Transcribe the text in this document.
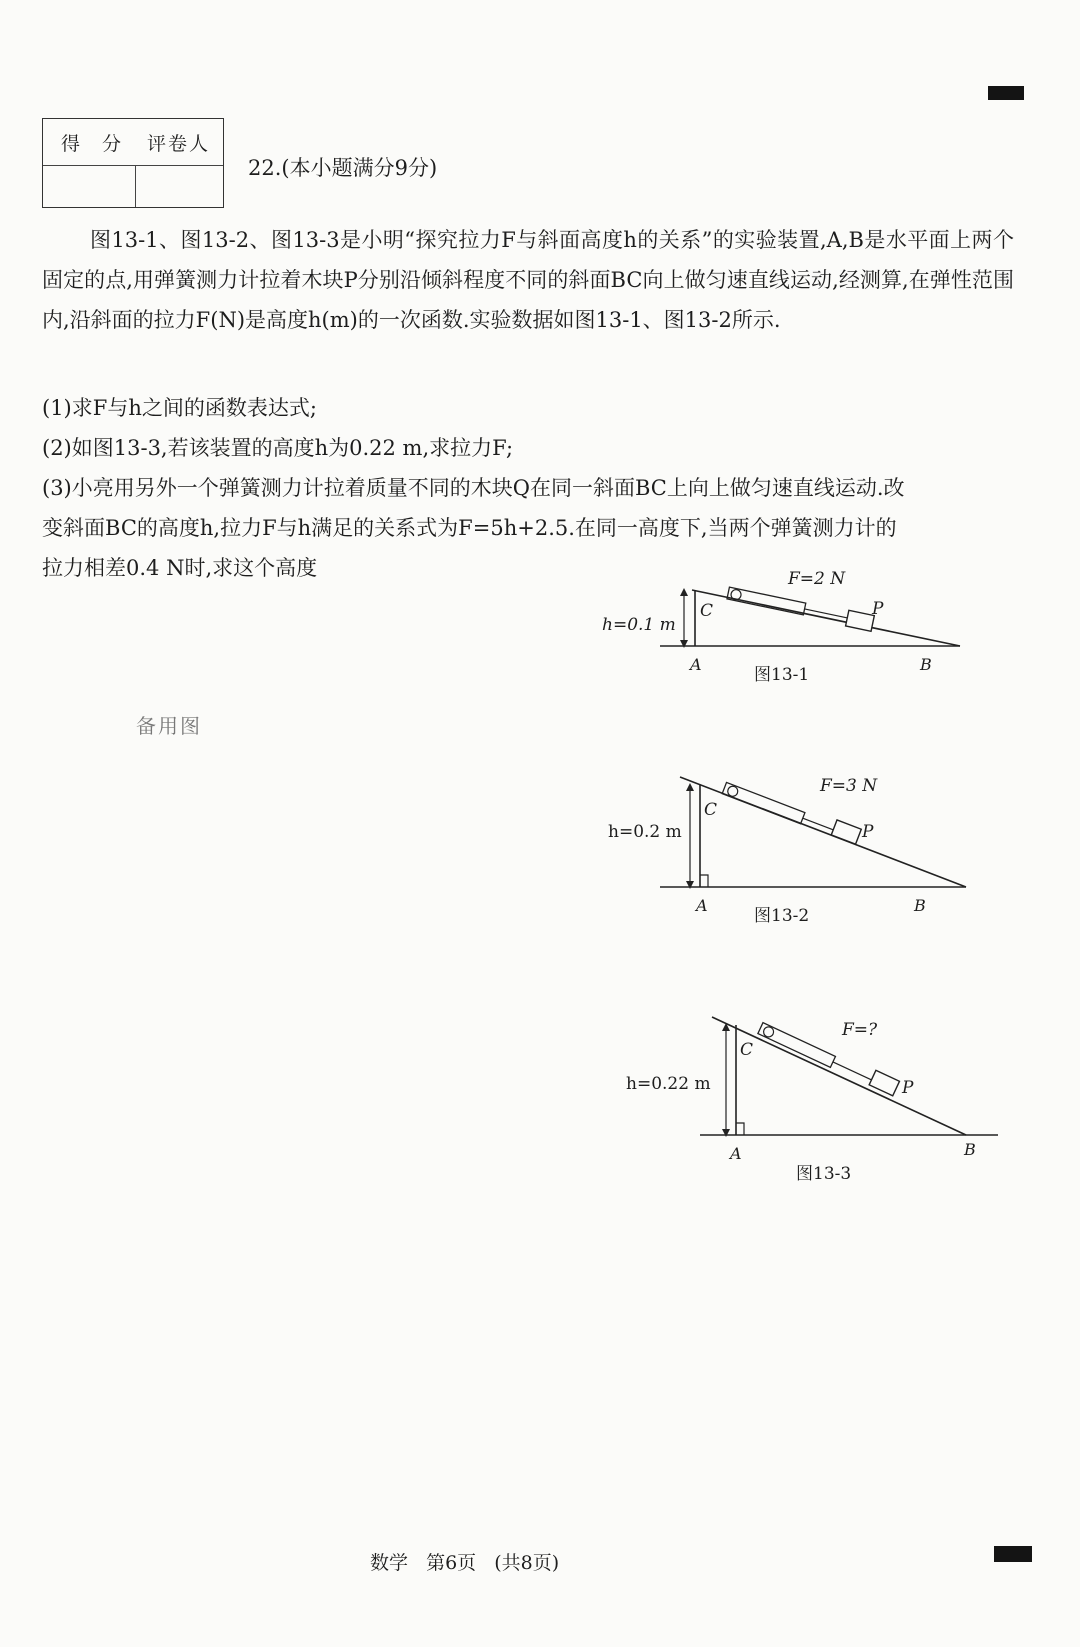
得 分 评卷人
22.(本小题满分9分)
图13-1、图13-2、图13-3是小明“探究拉力F与斜面高度h的关系”的实验装置,A,B是水平面上两个固定的点,用弹簧测力计拉着木块P分别沿倾斜程度不同的斜面BC向上做匀速直线运动,经测算,在弹性范围内,沿斜面的拉力F(N)是高度h(m)的一次函数.实验数据如图13-1、图13-2所示.
(1)求F与h之间的函数表达式;
(2)如图13-3,若该装置的高度h为0.22 m,求拉力F;
(3)小亮用另外一个弹簧测力计拉着质量不同的木块Q在同一斜面BC上向上做匀速直线运动.改
变斜面BC的高度h,拉力F与h满足的关系式为F=5h+2.5.在同一高度下,当两个弹簧测力计的
拉力相差0.4 N时,求这个高度
备用图
h=0.1 m
F=2 N
C	P
A	B
图13-1
h=0.2 m
F=3 N
C
P
A	B
图13-2
h=0.22 m
F=?
C
P
A	B
图13-3
数学 第6页 (共8页)
